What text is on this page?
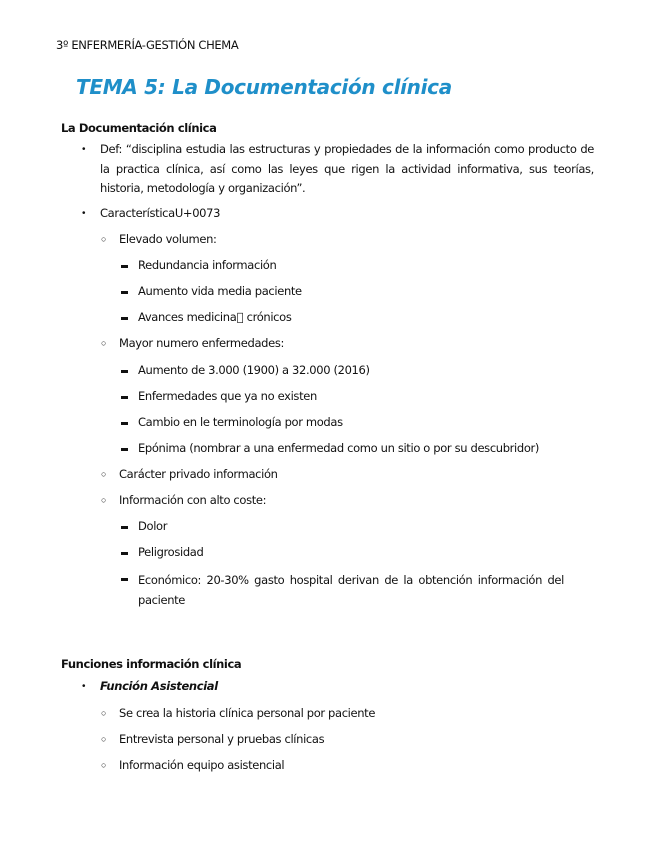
3º ENFERMERÍA-GESTIÓN CHEMA
TEMA 5: La Documentación clínica
La Documentación clínica
• Def: “disciplina estudia las estructuras y propiedades de la información como producto de la practica clínica, así como las leyes que rigen la actividad informativa, sus teorías, historia, metodología y organización”.
• CaracterísticaU+0073
○ Elevado volumen:
Redundancia información
Aumento vida media paciente
Avances medicina⃞ crónicos
○ Mayor numero enfermedades:
Aumento de 3.000 (1900) a 32.000 (2016)
Enfermedades que ya no existen
Cambio en le terminología por modas
Epónima (nombrar a una enfermedad como un sitio o por su descubridor)
○ Carácter privado información
○ Información con alto coste:
Dolor
Peligrosidad
Económico: 20-30% gasto hospital derivan de la obtención información del paciente
Funciones información clínica
• Función Asistencial
○ Se crea la historia clínica personal por paciente
○ Entrevista personal y pruebas clínicas
○ Información equipo asistencial
